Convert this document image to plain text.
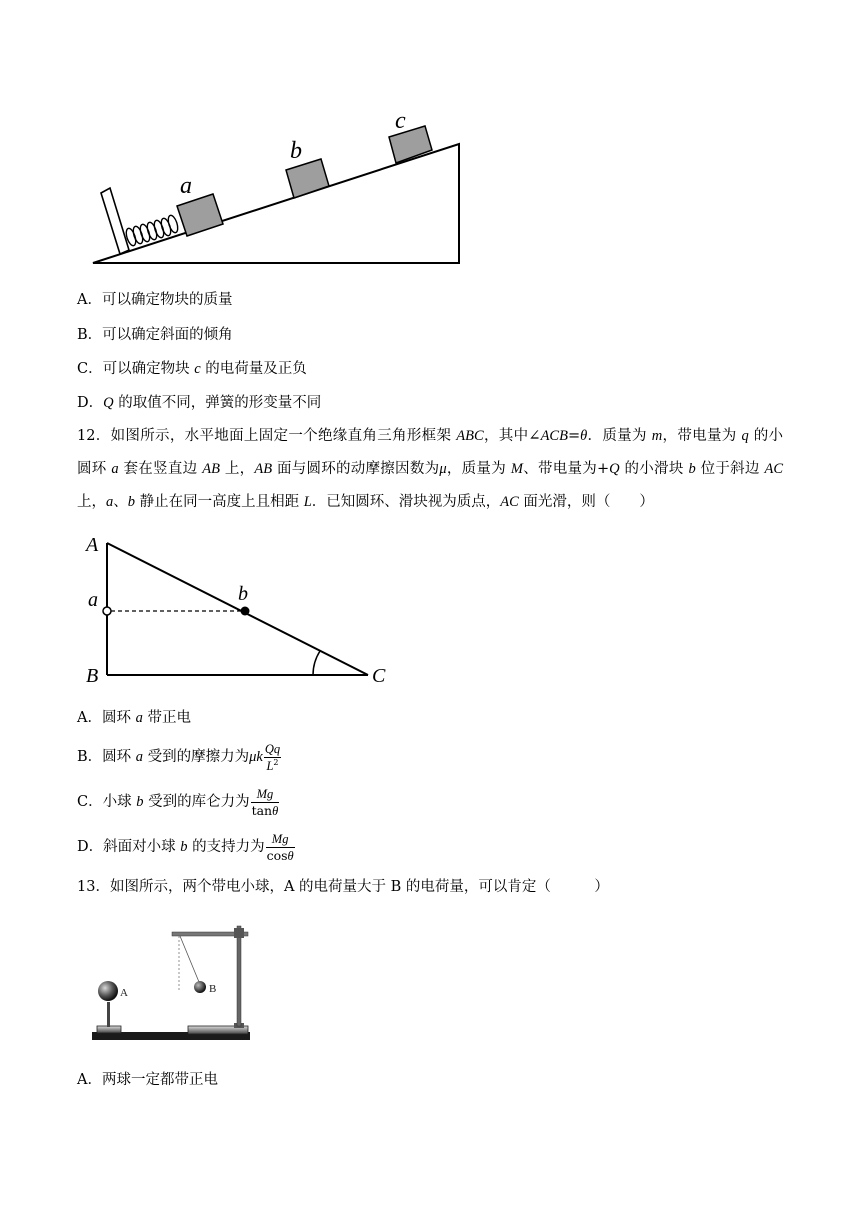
a
b
c
A．可以确定物块的质量
B．可以确定斜面的倾角
C．可以确定物块 c 的电荷量及正负
D．Q 的取值不同，弹簧的形变量不同
12．如图所示，水平地面上固定一个绝缘直角三角形框架 ABC，其中∠ACB=θ．质量为 m，带电量为 q 的小圆环 a 套在竖直边 AB 上，AB 面与圆环的动摩擦因数为μ，质量为 M、带电量为+Q 的小滑块 b 位于斜边 AC 上，a、b 静止在同一高度上且相距 L．已知圆环、滑块视为质点，AC 面光滑，则（　　）
A
a	b
B	C
A．圆环 a 带正电
B．圆环 a 受到的摩擦力为μk $\frac{Qq}{L^2}$
C．小球 b 受到的库仑力为 $\frac{Mg}{\tan\theta}$
D．斜面对小球 b 的支持力为 $\frac{Mg}{\cos\theta}$
13．如图所示，两个带电小球，A 的电荷量大于 B 的电荷量，可以肯定（　　　）
A	B
A．两球一定都带正电
